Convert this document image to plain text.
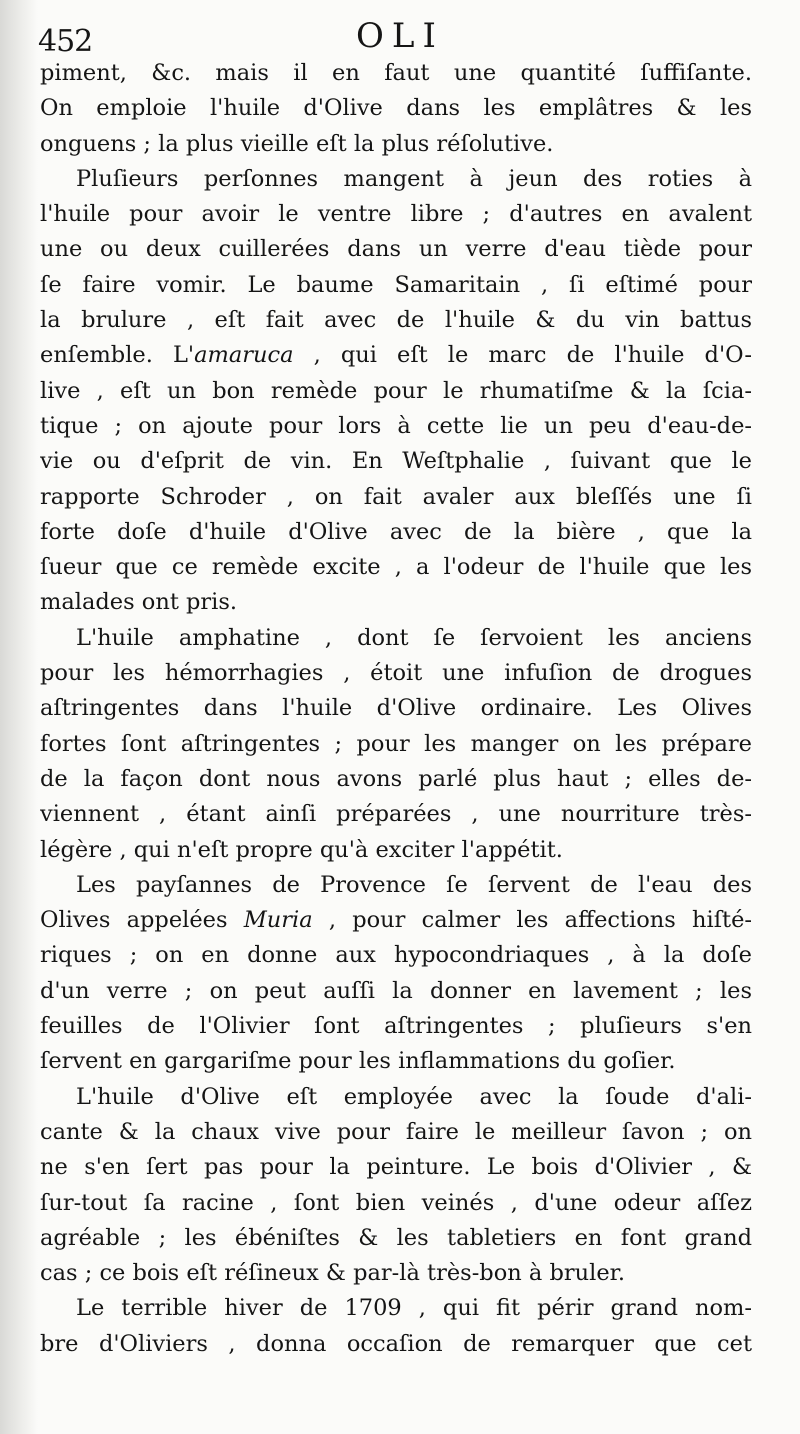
452	OLI
piment, &c. mais il en faut une quantité ſuffiſante.
On emploie l'huile d'Olive dans les emplâtres & les
onguens ; la plus vieille eſt la plus réſolutive.
Pluſieurs perſonnes mangent à jeun des roties à
l'huile pour avoir le ventre libre ; d'autres en avalent
une ou deux cuillerées dans un verre d'eau tiède pour
ſe faire vomir. Le baume Samaritain , ſi eſtimé pour
la brulure , eſt fait avec de l'huile & du vin battus
enſemble. L'amaruca , qui eſt le marc de l'huile d'O-
live , eſt un bon remède pour le rhumatiſme & la ſcia-
tique ; on ajoute pour lors à cette lie un peu d'eau-de-
vie ou d'eſprit de vin. En Weſtphalie , ſuivant que le
rapporte Schroder , on fait avaler aux bleſſés une ſi
forte doſe d'huile d'Olive avec de la bière , que la
ſueur que ce remède excite , a l'odeur de l'huile que les
malades ont pris.
L'huile amphatine , dont ſe ſervoient les anciens
pour les hémorrhagies , étoit une infuſion de drogues
aſtringentes dans l'huile d'Olive ordinaire. Les Olives
fortes ſont aſtringentes ; pour les manger on les prépare
de la façon dont nous avons parlé plus haut ; elles de-
viennent , étant ainſi préparées , une nourriture très-
légère , qui n'eſt propre qu'à exciter l'appétit.
Les payſannes de Provence ſe ſervent de l'eau des
Olives appelées Muria , pour calmer les affections hiſté-
riques ; on en donne aux hypocondriaques , à la doſe
d'un verre ; on peut auſſi la donner en lavement ; les
feuilles de l'Olivier ſont aſtringentes ; pluſieurs s'en
ſervent en gargariſme pour les inflammations du goſier.
L'huile d'Olive eſt employée avec la ſoude d'ali-
cante & la chaux vive pour faire le meilleur ſavon ; on
ne s'en ſert pas pour la peinture. Le bois d'Olivier , &
ſur-tout ſa racine , ſont bien veinés , d'une odeur aſſez
agréable ; les ébéniſtes & les tabletiers en font grand
cas ; ce bois eſt réſineux & par-là très-bon à bruler.
Le terrible hiver de 1709 , qui fit périr grand nom-
bre d'Oliviers , donna occaſion de remarquer que cet
